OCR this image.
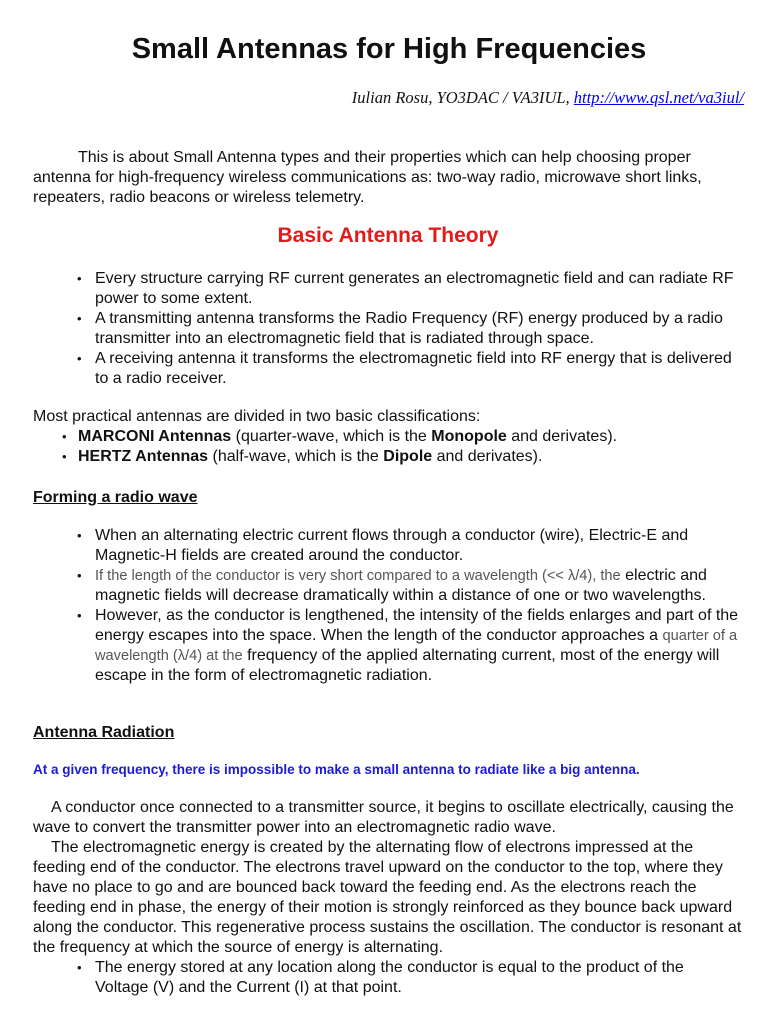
Small Antennas for High Frequencies
Iulian Rosu, YO3DAC / VA3IUL, http://www.qsl.net/va3iul/

This is about Small Antenna types and their properties which can help choosing proper antenna for high-frequency wireless communications as: two-way radio, microwave short links, repeaters, radio beacons or wireless telemetry.

Basic Antenna Theory
• Every structure carrying RF current generates an electromagnetic field and can radiate RF power to some extent.
• A transmitting antenna transforms the Radio Frequency (RF) energy produced by a radio transmitter into an electromagnetic field that is radiated through space.
• A receiving antenna it transforms the electromagnetic field into RF energy that is delivered to a radio receiver.

Most practical antennas are divided in two basic classifications:

• MARCONI Antennas (quarter-wave, which is the Monopole and derivates).
• HERTZ Antennas (half-wave, which is the Dipole and derivates).
Forming a radio wave
• When an alternating electric current flows through a conductor (wire), Electric-E and Magnetic-H fields are created around the conductor.
• If the length of the conductor is very short compared to a wavelength (<< λ/4), the electric and magnetic fields will decrease dramatically within a distance of one or two wavelengths.
• However, as the conductor is lengthened, the intensity of the fields enlarges and part of the energy escapes into the space. When the length of the conductor approaches a quarter of a wavelength (λ/4) at the frequency of the applied alternating current, most of the energy will escape in the form of electromagnetic radiation.
Antenna Radiation

At a given frequency, there is impossible to make a small antenna to radiate like a big antenna.

A conductor once connected to a transmitter source, it begins to oscillate electrically, causing the wave to convert the transmitter power into an electromagnetic radio wave.

The electromagnetic energy is created by the alternating flow of electrons impressed at the feeding end of the conductor. The electrons travel upward on the conductor to the top, where they have no place to go and are bounced back toward the feeding end. As the electrons reach the feeding end in phase, the energy of their motion is strongly reinforced as they bounce back upward along the conductor. This regenerative process sustains the oscillation. The conductor is resonant at the frequency at which the source of energy is alternating.

• The energy stored at any location along the conductor is equal to the product of the Voltage (V) and the Current (I) at that point.
